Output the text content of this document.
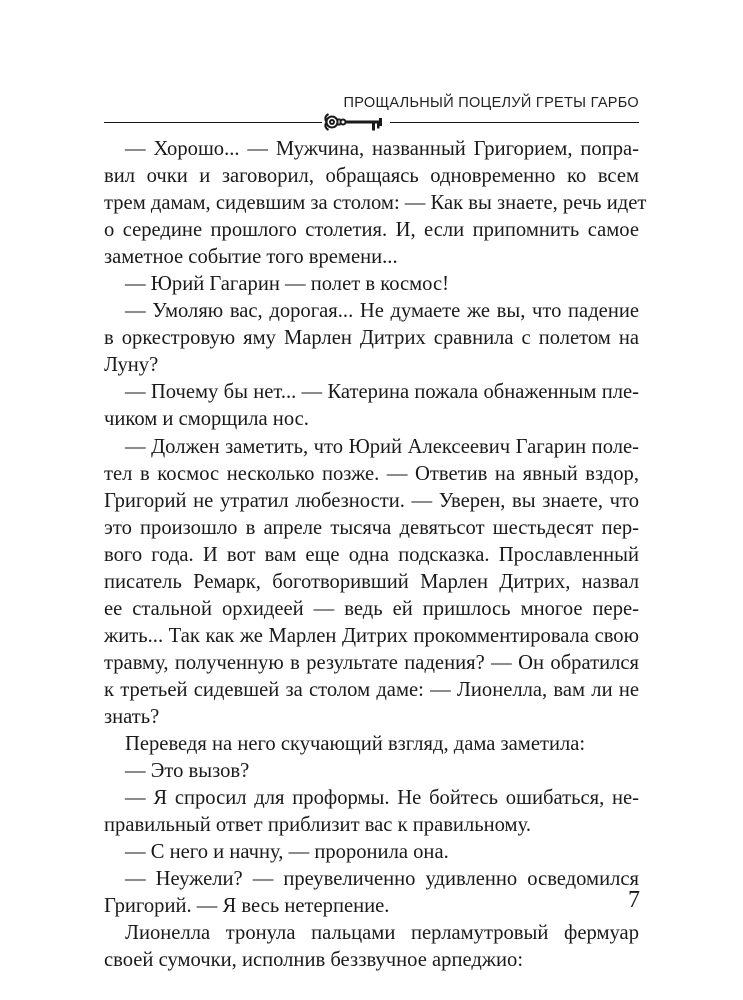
ПРОЩАЛЬНЫЙ ПОЦЕЛУЙ ГРЕТЫ ГАРБО
— Хорошо... — Мужчина, названный Григорием, попра-
вил очки и заговорил, обращаясь одновременно ко всем
трем дамам, сидевшим за столом: — Как вы знаете, речь идет
о середине прошлого столетия. И, если припомнить самое
заметное событие того времени...
— Юрий Гагарин — полет в космос!
— Умоляю вас, дорогая... Не думаете же вы, что падение
в оркестровую яму Марлен Дитрих сравнила с полетом на
Луну?
— Почему бы нет... — Катерина пожала обнаженным пле-
чиком и сморщила нос.
— Должен заметить, что Юрий Алексеевич Гагарин поле-
тел в космос несколько позже. — Ответив на явный вздор,
Григорий не утратил любезности. — Уверен, вы знаете, что
это произошло в апреле тысяча девятьсот шестьдесят пер-
вого года. И вот вам еще одна подсказка. Прославленный
писатель Ремарк, боготворивший Марлен Дитрих, назвал
ее стальной орхидеей — ведь ей пришлось многое пере-
жить... Так как же Марлен Дитрих прокомментировала свою
травму, полученную в результате падения? — Он обратился
к третьей сидевшей за столом даме: — Лионелла, вам ли не
знать?
Переведя на него скучающий взгляд, дама заметила:
— Это вызов?
— Я спросил для проформы. Не бойтесь ошибаться, не-
правильный ответ приблизит вас к правильному.
— С него и начну, — проронила она.
— Неужели? — преувеличенно удивленно осведомился
Григорий. — Я весь нетерпение.
Лионелла тронула пальцами перламутровый фермуар
своей сумочки, исполнив беззвучное арпеджио:
7
